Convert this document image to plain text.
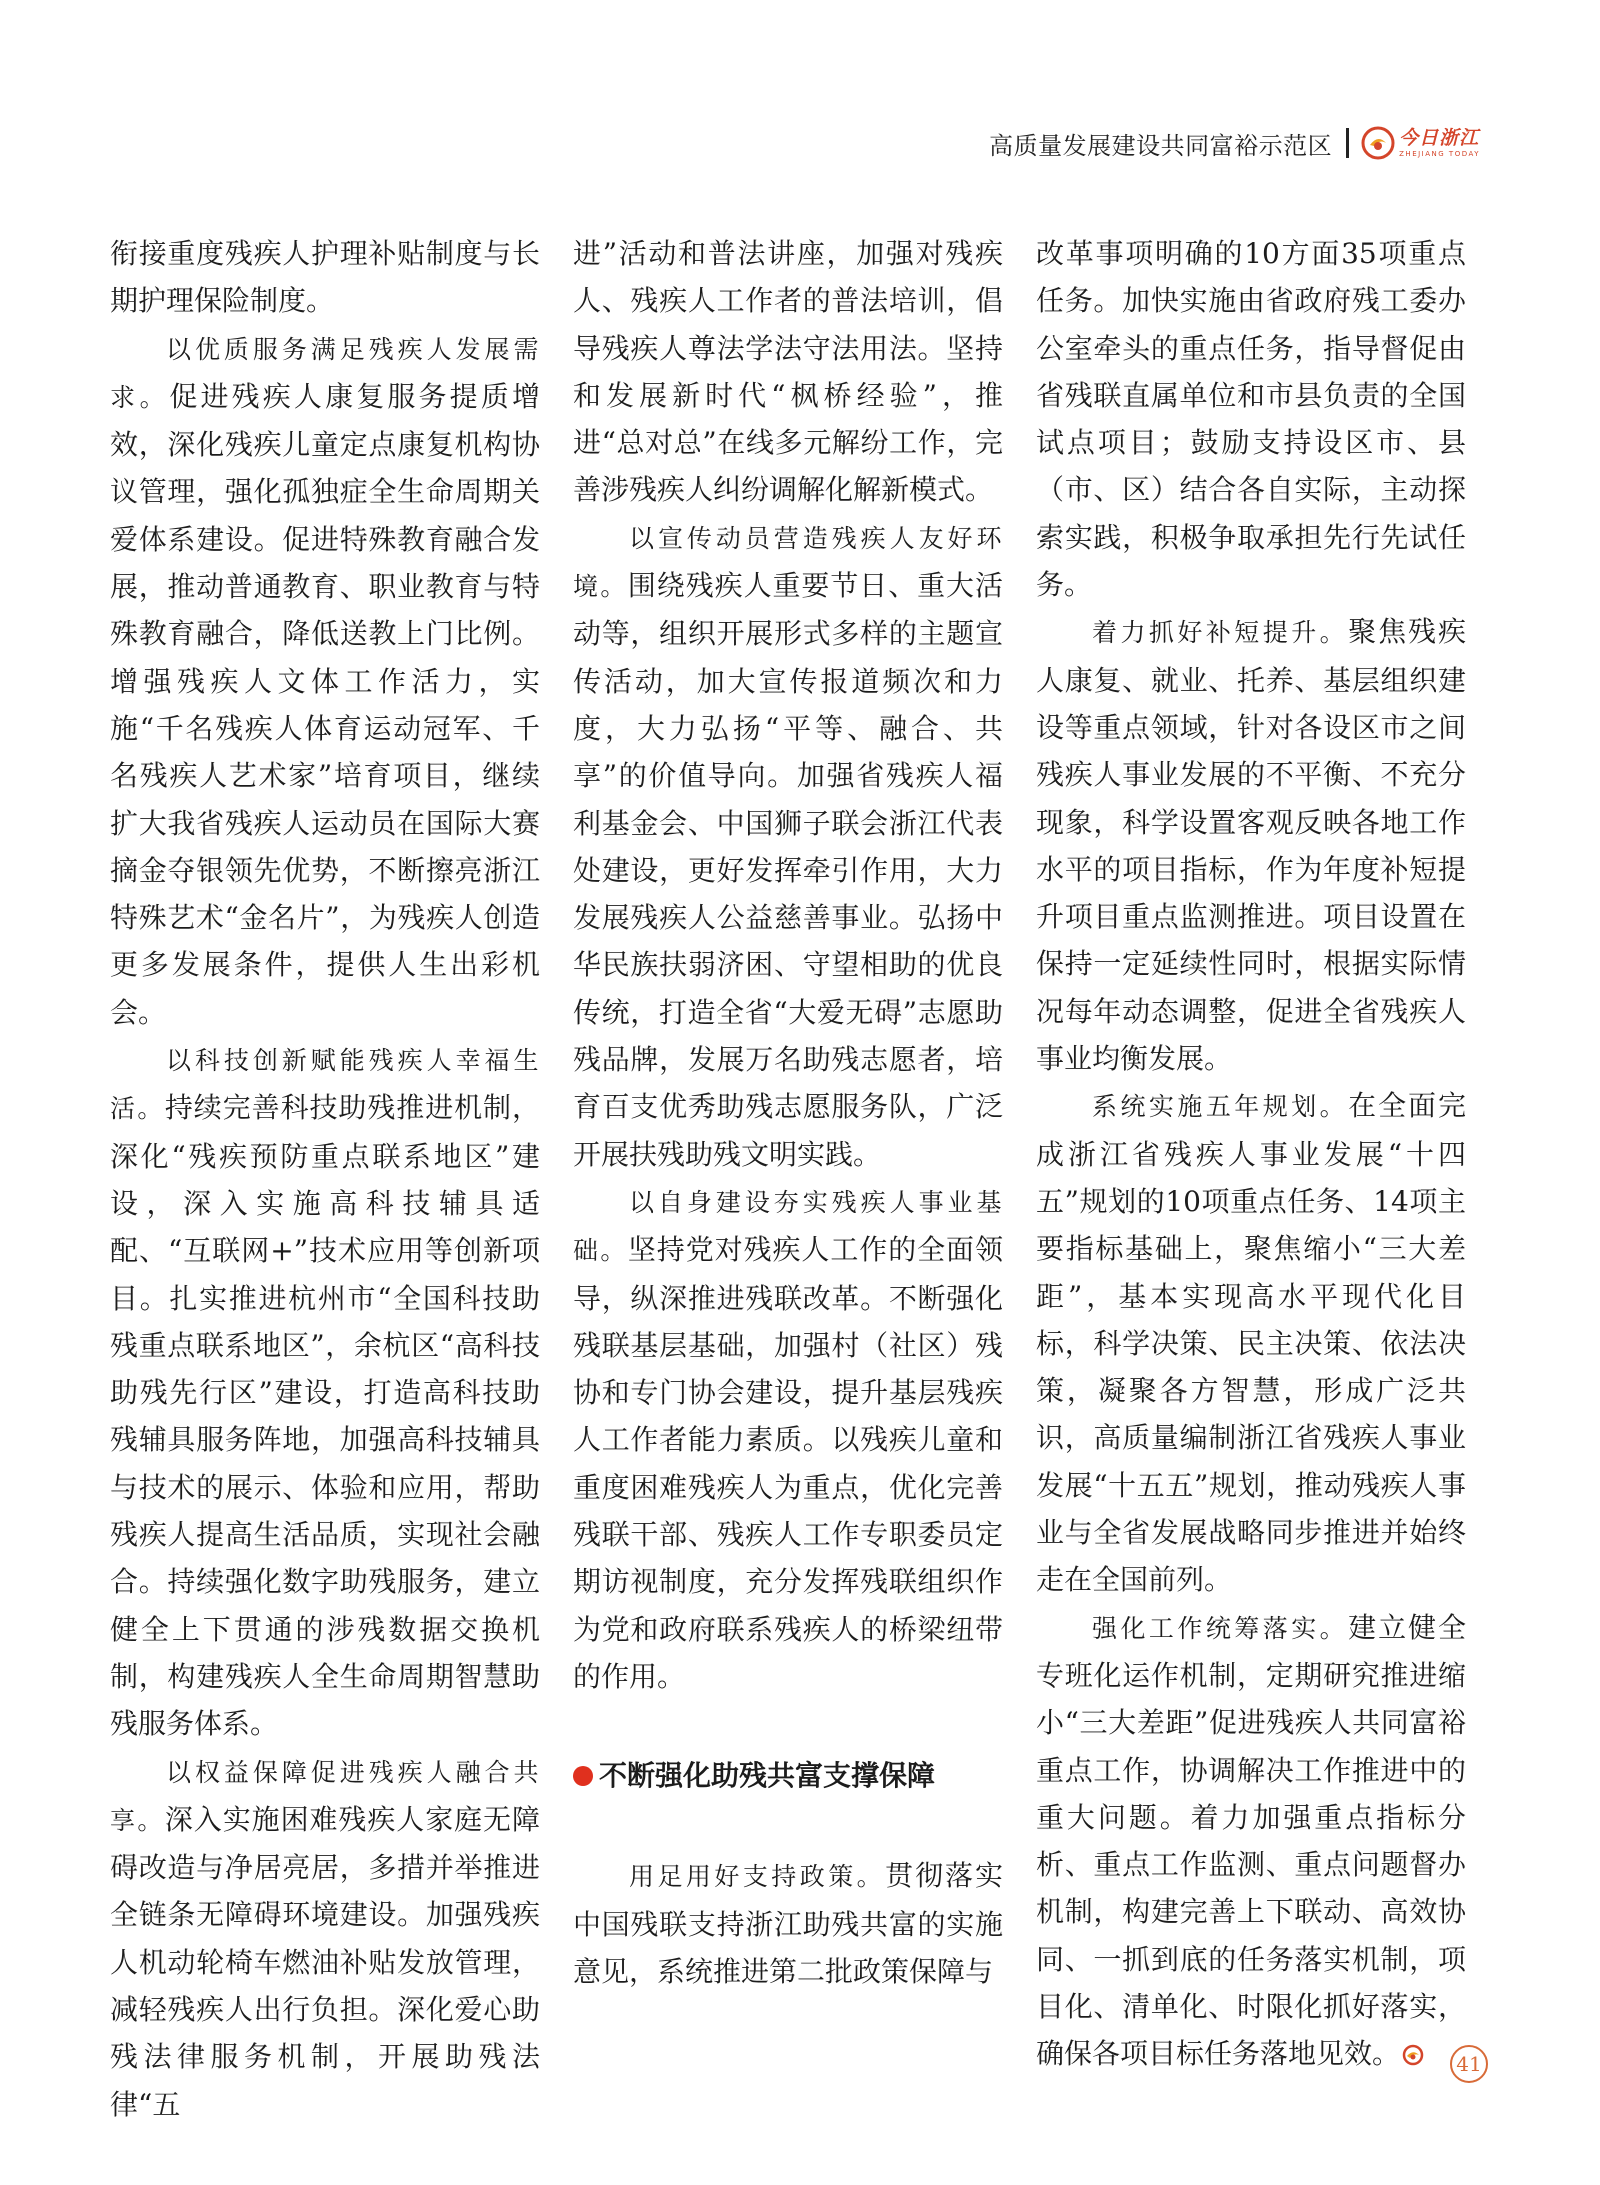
高质量发展建设共同富裕示范区	今日浙江
ZHEJIANG TODAY

衔接重度残疾人护理补贴制度与长期护理保险制度。

以优质服务满足残疾人发展需求。促进残疾人康复服务提质增效，深化残疾儿童定点康复机构协议管理，强化孤独症全生命周期关爱体系建设。促进特殊教育融合发展，推动普通教育、职业教育与特殊教育融合，降低送教上门比例。增强残疾人文体工作活力，实施“千名残疾人体育运动冠军、千名残疾人艺术家”培育项目，继续扩大我省残疾人运动员在国际大赛摘金夺银领先优势，不断擦亮浙江特殊艺术“金名片”，为残疾人创造更多发展条件，提供人生出彩机会。

以科技创新赋能残疾人幸福生活。持续完善科技助残推进机制，深化“残疾预防重点联系地区”建设，深入实施高科技辅具适配、“互联网+”技术应用等创新项目。扎实推进杭州市“全国科技助残重点联系地区”，余杭区“高科技助残先行区”建设，打造高科技助残辅具服务阵地，加强高科技辅具与技术的展示、体验和应用，帮助残疾人提高生活品质，实现社会融合。持续强化数字助残服务，建立健全上下贯通的涉残数据交换机制，构建残疾人全生命周期智慧助残服务体系。

以权益保障促进残疾人融合共享。深入实施困难残疾人家庭无障碍改造与净居亮居，多措并举推进全链条无障碍环境建设。加强残疾人机动轮椅车燃油补贴发放管理，减轻残疾人出行负担。深化爱心助残法律服务机制，开展助残法律“五

进”活动和普法讲座，加强对残疾人、残疾人工作者的普法培训，倡导残疾人尊法学法守法用法。坚持和发展新时代“枫桥经验”，推进“总对总”在线多元解纷工作，完善涉残疾人纠纷调解化解新模式。

以宣传动员营造残疾人友好环境。围绕残疾人重要节日、重大活动等，组织开展形式多样的主题宣传活动，加大宣传报道频次和力度，大力弘扬“平等、融合、共享”的价值导向。加强省残疾人福利基金会、中国狮子联会浙江代表处建设，更好发挥牵引作用，大力发展残疾人公益慈善事业。弘扬中华民族扶弱济困、守望相助的优良传统，打造全省“大爱无碍”志愿助残品牌，发展万名助残志愿者，培育百支优秀助残志愿服务队，广泛开展扶残助残文明实践。

以自身建设夯实残疾人事业基础。坚持党对残疾人工作的全面领导，纵深推进残联改革。不断强化残联基层基础，加强村（社区）残协和专门协会建设，提升基层残疾人工作者能力素质。以残疾儿童和重度困难残疾人为重点，优化完善残联干部、残疾人工作专职委员定期访视制度，充分发挥残联组织作为党和政府联系残疾人的桥梁纽带的作用。

不断强化助残共富支撑保障

用足用好支持政策。贯彻落实中国残联支持浙江助残共富的实施意见，系统推进第二批政策保障与

改革事项明确的10方面35项重点任务。加快实施由省政府残工委办公室牵头的重点任务，指导督促由省残联直属单位和市县负责的全国试点项目；鼓励支持设区市、县（市、区）结合各自实际，主动探索实践，积极争取承担先行先试任务。

着力抓好补短提升。聚焦残疾人康复、就业、托养、基层组织建设等重点领域，针对各设区市之间残疾人事业发展的不平衡、不充分现象，科学设置客观反映各地工作水平的项目指标，作为年度补短提升项目重点监测推进。项目设置在保持一定延续性同时，根据实际情况每年动态调整，促进全省残疾人事业均衡发展。

系统实施五年规划。在全面完成浙江省残疾人事业发展“十四五”规划的10项重点任务、14项主要指标基础上，聚焦缩小“三大差距”，基本实现高水平现代化目标，科学决策、民主决策、依法决策，凝聚各方智慧，形成广泛共识，高质量编制浙江省残疾人事业发展“十五五”规划，推动残疾人事业与全省发展战略同步推进并始终走在全国前列。

强化工作统筹落实。建立健全专班化运作机制，定期研究推进缩小“三大差距”促进残疾人共同富裕重点工作，协调解决工作推进中的重大问题。着力加强重点指标分析、重点工作监测、重点问题督办机制，构建完善上下联动、高效协同、一抓到底的任务落实机制，项目化、清单化、时限化抓好落实，确保各项目标任务落地见效。	41
